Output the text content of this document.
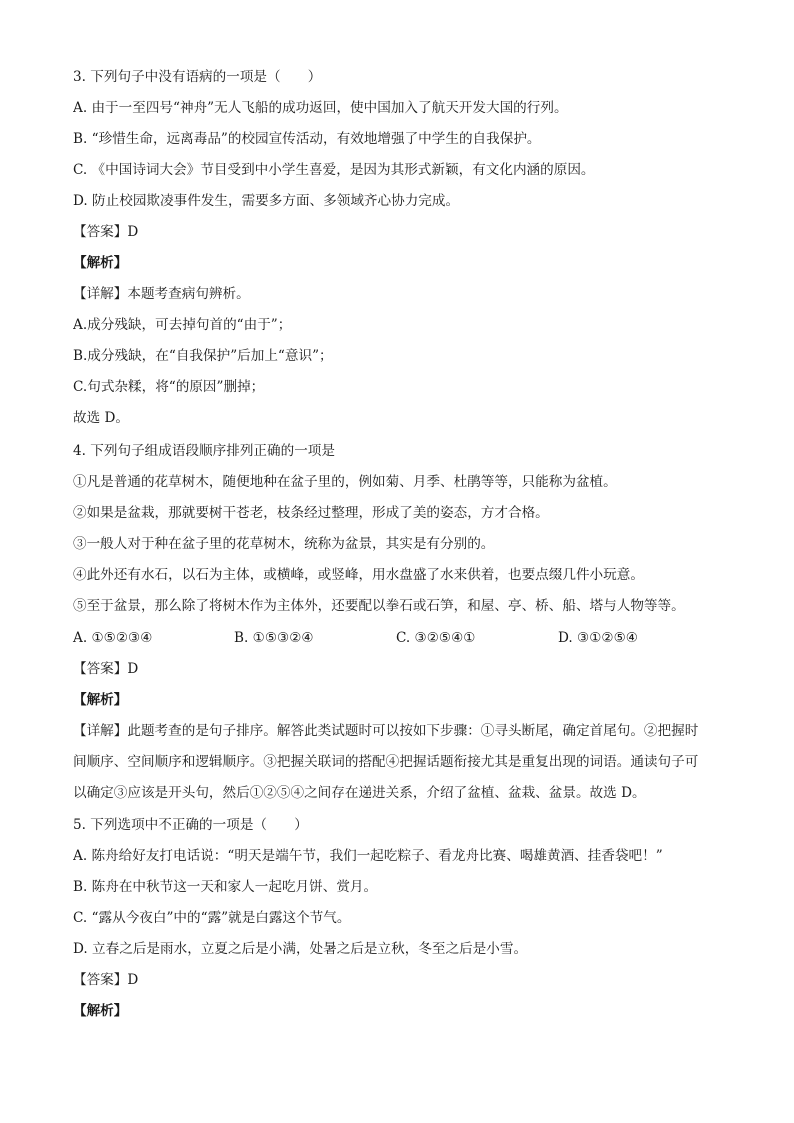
3. 下列句子中没有语病的一项是（　　）
A. 由于一至四号“神舟”无人飞船的成功返回，使中国加入了航天开发大国的行列。
B. “珍惜生命，远离毒品”的校园宣传活动，有效地增强了中学生的自我保护。
C. 《中国诗词大会》节目受到中小学生喜爱，是因为其形式新颖，有文化内涵的原因。
D. 防止校园欺凌事件发生，需要多方面、多领域齐心协力完成。
【答案】D
【解析】
【详解】本题考查病句辨析。
A.成分残缺，可去掉句首的“由于”；
B.成分残缺，在“自我保护”后加上“意识”；
C.句式杂糅，将“的原因”删掉；
故选 D。
4. 下列句子组成语段顺序排列正确的一项是
①凡是普通的花草树木，随便地种在盆子里的，例如菊、月季、杜鹃等等，只能称为盆植。
②如果是盆栽，那就要树干苍老，枝条经过整理，形成了美的姿态，方才合格。
③一般人对于种在盆子里的花草树木，统称为盆景，其实是有分别的。
④此外还有水石，以石为主体，或横峰，或竖峰，用水盘盛了水来供着，也要点缀几件小玩意。
⑤至于盆景，那么除了将树木作为主体外，还要配以拳石或石笋，和屋、亭、桥、船、塔与人物等等。
A. ①⑤②③④	B. ①⑤③②④	C. ③②⑤④①	D. ③①②⑤④
【答案】D
【解析】
【详解】此题考查的是句子排序。解答此类试题时可以按如下步骤：①寻头断尾，确定首尾句。②把握时
间顺序、空间顺序和逻辑顺序。③把握关联词的搭配④把握话题衔接尤其是重复出现的词语。通读句子可
以确定③应该是开头句，然后①②⑤④之间存在递进关系，介绍了盆植、盆栽、盆景。故选 D。
5. 下列选项中不正确的一项是（　　）
A. 陈舟给好友打电话说：“明天是端午节，我们一起吃粽子、看龙舟比赛、喝雄黄酒、挂香袋吧！”
B. 陈舟在中秋节这一天和家人一起吃月饼、赏月。
C. “露从今夜白”中的“露”就是白露这个节气。
D. 立春之后是雨水，立夏之后是小满，处暑之后是立秋，冬至之后是小雪。
【答案】D
【解析】
